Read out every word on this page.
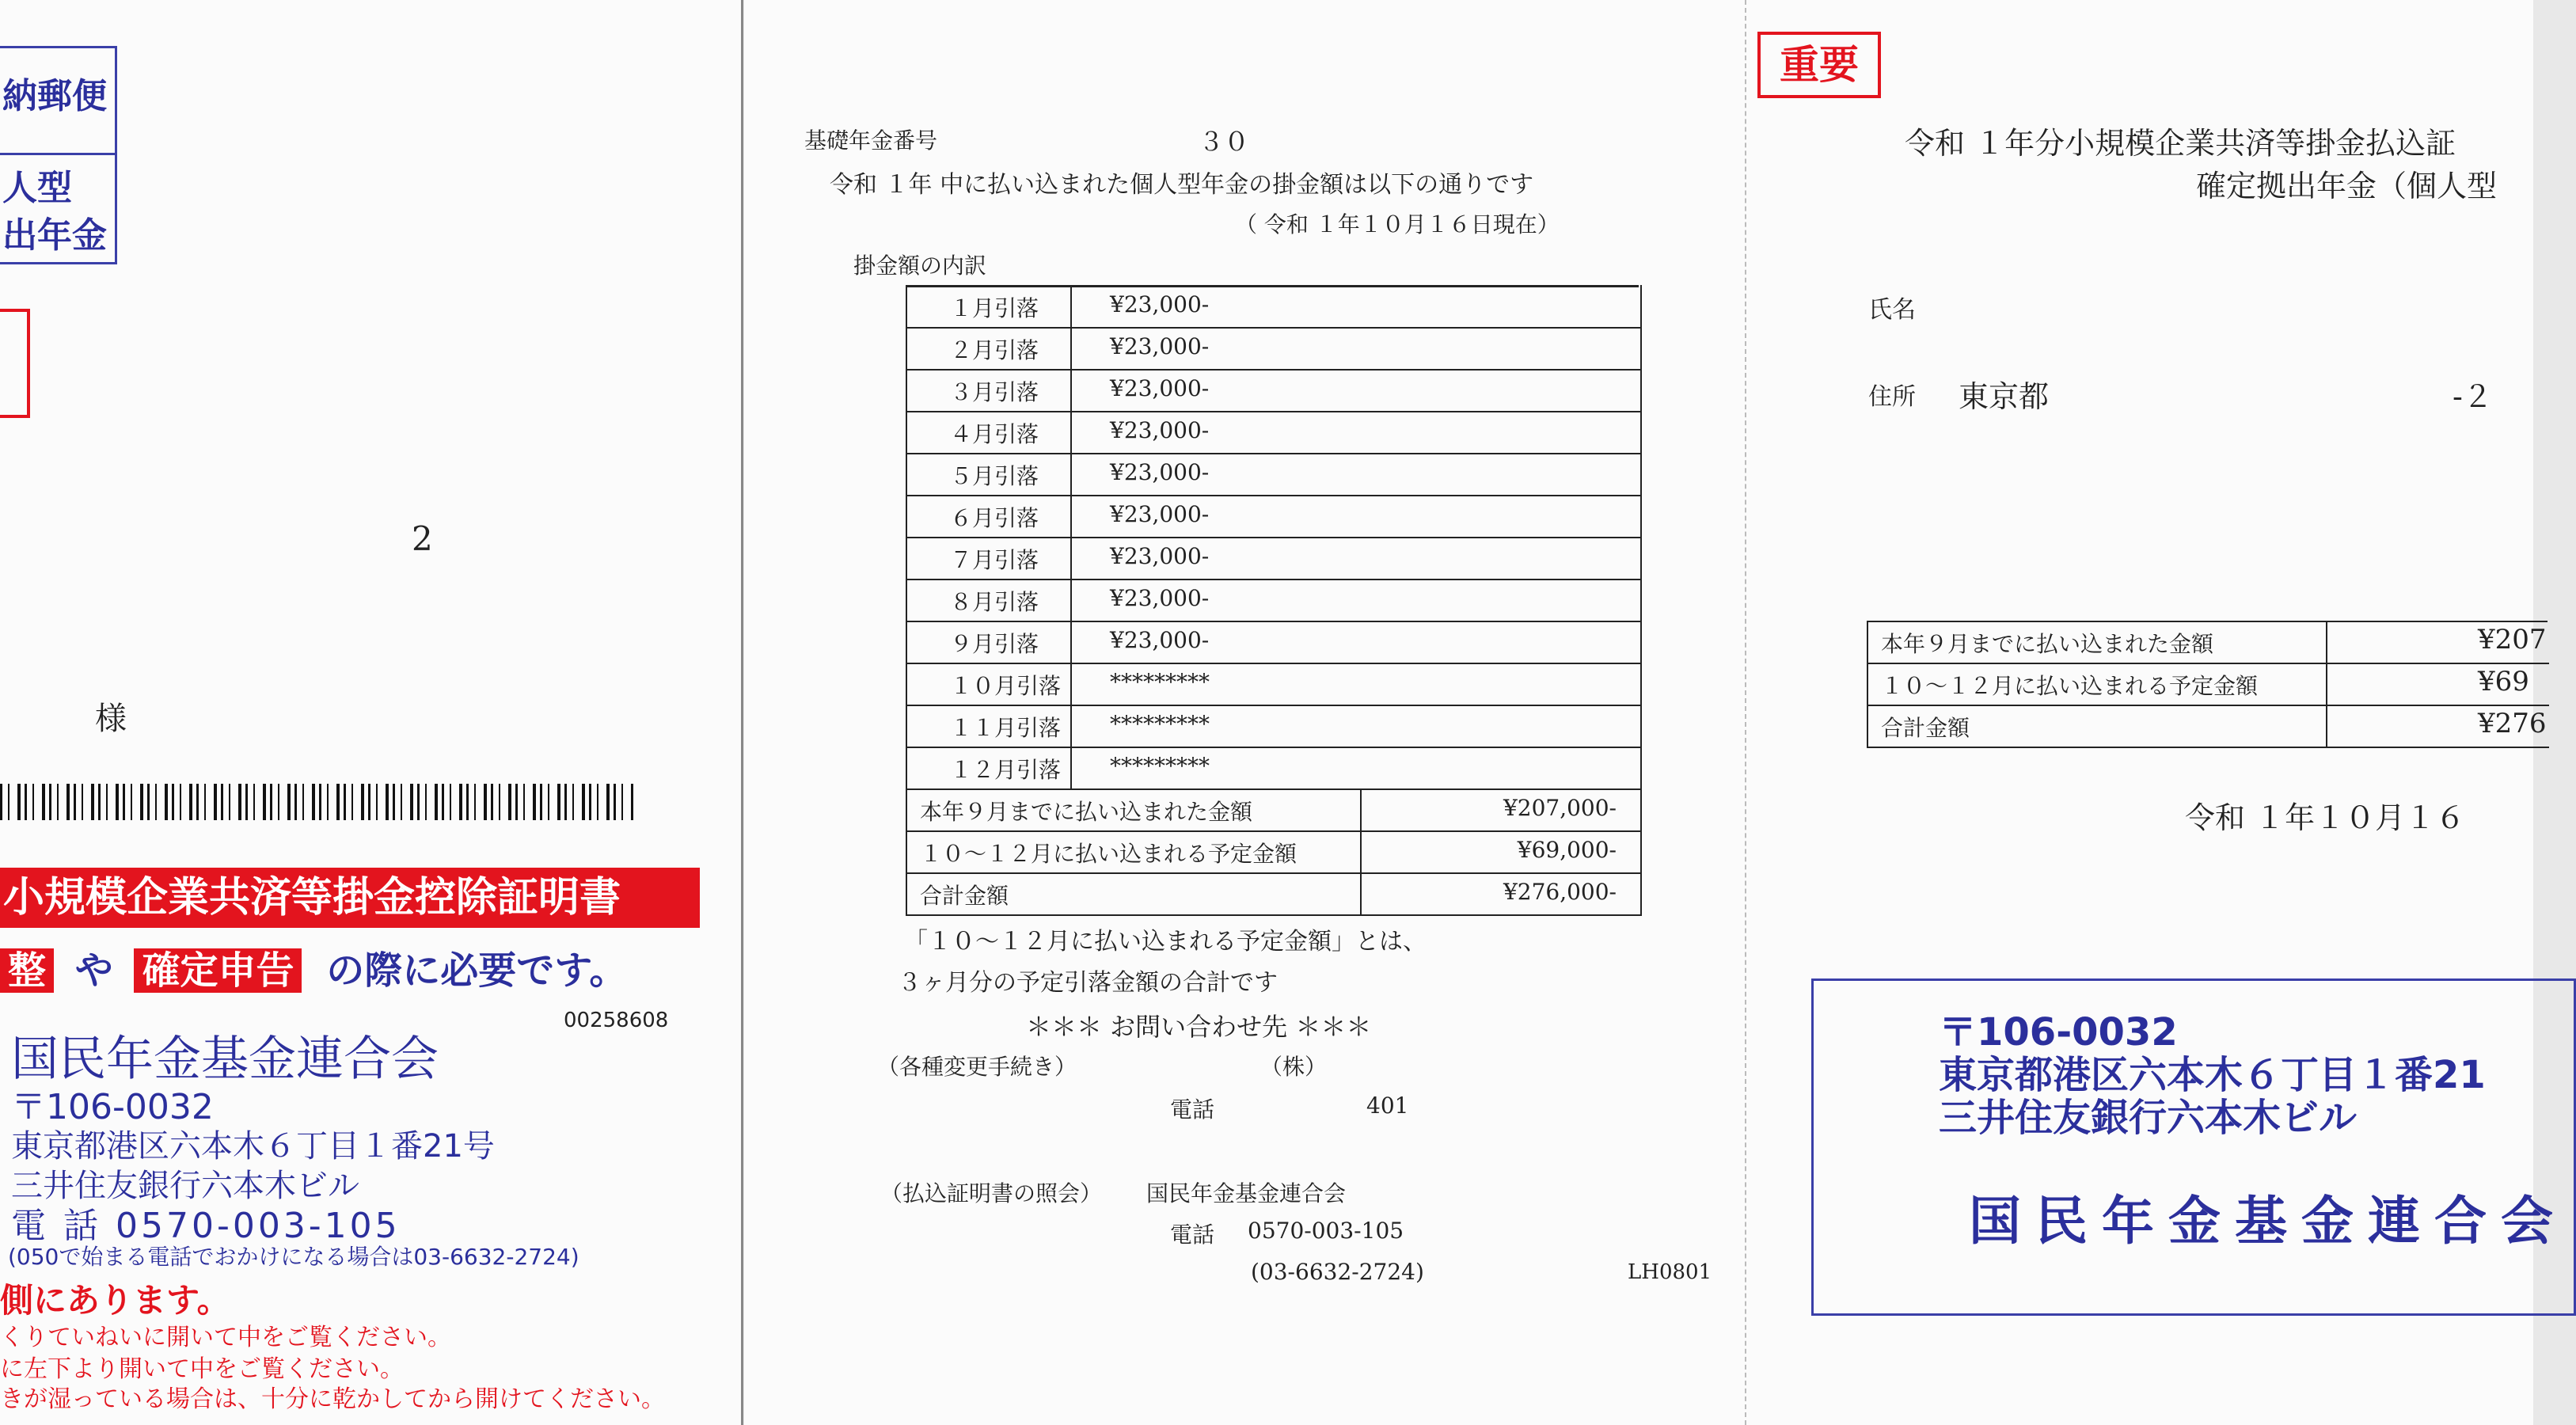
納郵便
人型
出年金
2
様
小規模企業共済等掛金控除証明書
整 や 確定申告 の際に必要です。
00258608
国民年金基金連合会
〒106-0032
東京都港区六本木６丁目１番21号
三井住友銀行六本木ビル
電 話 0570-003-105
(050で始まる電話でおかけになる場合は03-6632-2724)
側にあります。
くりていねいに開いて中をご覧ください。
に左下より開いて中をご覧ください。
きが湿っている場合は、十分に乾かしてから開けてください。
基礎年金番号	３０
令和 １年 中に払い込まれた個人型年金の掛金額は以下の通りです
（ 令和 １年１０月１６日現在）
掛金額の内訳
１月引落	¥23,000-
２月引落	¥23,000-
３月引落	¥23,000-
４月引落	¥23,000-
５月引落	¥23,000-
６月引落	¥23,000-
７月引落	¥23,000-
８月引落	¥23,000-
９月引落	¥23,000-
１０月引落 *********
１１月引落 *********
１２月引落 *********
本年９月までに払い込まれた金額	¥207,000-
１０～１２月に払い込まれる予定金額	¥69,000-
合計金額	¥276,000-
「１０～１２月に払い込まれる予定金額」とは、
３ヶ月分の予定引落金額の合計です
＊＊＊ お問い合わせ先 ＊＊＊
（各種変更手続き）	（株）
電話	401
（払込証明書の照会） 国民年金基金連合会
電話 0570-003-105
(03-6632-2724)	LH0801
重要
令和 １年分小規模企業共済等掛金払込証
確定拠出年金（個人型
氏名
住所 東京都	-２
本年９月までに払い込まれた金額	¥207
１０～１２月に払い込まれる予定金額	¥69
合計金額	¥276
令和 １年１０月１６
〒106-0032
東京都港区六本木６丁目１番21
三井住友銀行六本木ビル
国民年金基金連合会
